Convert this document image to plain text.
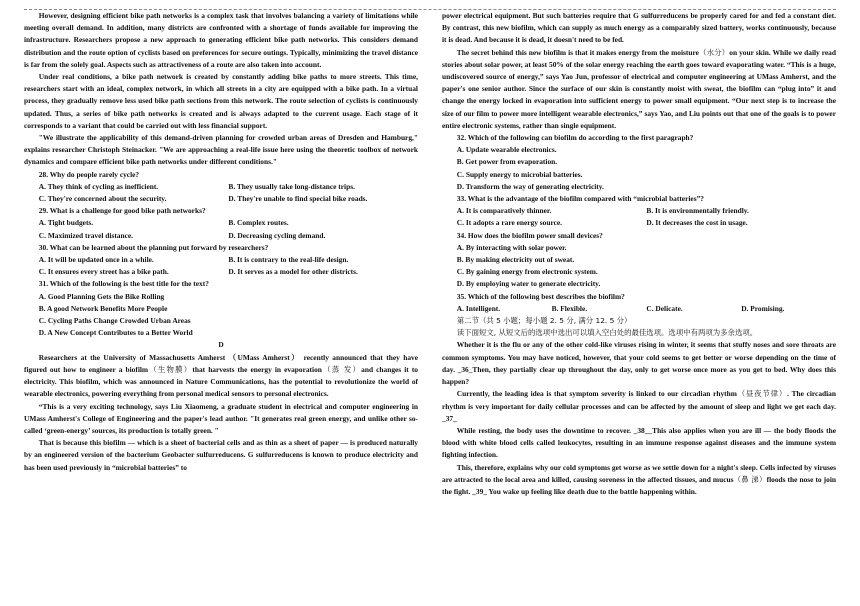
However, designing efficient bike path networks is a complex task that involves balancing a variety of limitations while meeting overall demand. In addition, many districts are confronted with a shortage of funds available for improving the infrastructure. Researchers propose a new approach to generating efficient bike path networks. This considers demand distribution and the route option of cyclists based on preferences for secure outings. Typically, minimizing the travel distance is far from the solely goal. Aspects such as attractiveness of a route are also taken into account.

Under real conditions, a bike path network is created by constantly adding bike paths to more streets. This time, researchers start with an ideal, complex network, in which all streets in a city are equipped with a bike path. In a virtual process, they gradually remove less used bike path sections from this network. The route selection of cyclists is continuously updated. Thus, a series of bike path networks is created and is always adapted to the current usage. Each stage of it corresponds to a variant that could be carried out with less financial support.

"We illustrate the applicability of this demand-driven planning for crowded urban areas of Dresden and Hamburg," explains researcher Christoph Steinacker. "We are approaching a real-life issue here using the theoretic toolbox of network dynamics and compare efficient bike path networks under different conditions."

28. Why do people rarely cycle?

A. They think of cycling as inefficient.	B. They usually take long-distance trips.
C. They're concerned about the security.	D. They're unable to find special bike roads.

29. What is a challenge for good bike path networks?

A. Tight budgets.	B. Complex routes.
C. Maximized travel distance.	D. Decreasing cycling demand.

30. What can be learned about the planning put forward by researchers?

A. It will be updated once in a while.	B. It is contrary to the real-life design.
C. It ensures every street has a bike path.	D. It serves as a model for other districts.

31. Which of the following is the best title for the text?

A. Good Planning Gets the Bike Rolling

B. A good Network Benefits More People

C. Cycling Paths Change Crowded Urban Areas

D. A New Concept Contributes to a Better World

D

Researchers at the University of Massachusetts Amherst （UMass Amherst） recently announced that they have figured out how to engineer a biofilm（生物膜）that harvests the energy in evaporation（蒸 发）and changes it to electricity. This biofilm, which was announced in Nature Communications, has the potential to revolutionize the world of wearable electronics, powering everything from personal medical sensors to personal electronics.

“This is a very exciting technology, says Liu Xiaomeng, a graduate student in electrical and computer engineering in UMass Amherst's College of Engineering and the paper's lead author. "It generates real green energy, and unlike other so-called ‘green-energy’ sources, its production is totally green. "

That is because this biofilm — which is a sheet of bacterial cells and as thin as a sheet of paper — is produced naturally by an engineered version of the bacterium Geobacter sulfurreducens. G sulfurreducens is known to produce electricity and has been used previously in “microbial batteries” to

power electrical equipment. But such batteries require that G sulfurreducens be properly cared for and fed a constant diet. By contrast, this new biofilm, which can supply as much energy as a comparably sized battery, works continuously, because it is dead. And because it is dead, it doesn't need to be fed.

The secret behind this new biofilm is that it makes energy from the moisture（水分）on your skin. While we daily read stories about solar power, at least 50% of the solar energy reaching the earth goes toward evaporating water. “This is a huge, undiscovered source of energy,” says Yao Jun, professor of electrical and computer engineering at UMass Amherst, and the paper's one senior author. Since the surface of our skin is constantly moist with sweat, the biofilm can “plug into” it and change the energy locked in evaporation into sufficient energy to power small equipment. “Our next step is to increase the size of our film to power more intelligent wearable electronics,” says Yao, and Liu points out that one of the goals is to power entire electronic systems, rather than single equipment.

32. Which of the following can biofilm do according to the first paragraph?

A. Update wearable electronics.

B. Get power from evaporation.

C. Supply energy to microbial batteries.

D. Transform the way of generating electricity.

33. What is the advantage of the biofilm compared with “microbial batteries”?

A. It is comparatively thinner.	B. It is environmentally friendly.
C. It adopts a rare energy source.	D. It decreases the cost in usage.

34. How does the biofilm power small devices?

A. By interacting with solar power.

B. By making electricity out of sweat.

C. By gaining energy from electronic system.

D. By employing water to generate electricity.

35. Which of the following best describes the biofilm?

A. Intelligent.	B. Flexible.	C. Delicate.	D. Promising.

第二节（共 5 小题；每小题 2. 5 分, 满分 12. 5 分）

读下面短文, 从短文后的选项中选出可以填入空白处的最佳选项。选项中有两项为多余选项。

Whether it is the flu or any of the other cold-like viruses rising in winter, it seems that stuffy noses and sore throats are common symptoms. You may have noticed, however, that your cold seems to get better or worse depending on the time of day. _36_Then, they partially clear up throughout the day, only to get worse once more as you get to bed. Why does this happen?

Currently, the leading idea is that symptom severity is linked to our circadian rhythm（昼夜节律）. The circadian rhythm is very important for daily cellular processes and can be affected by the amount of sleep and light we get each day. _37_

While resting, the body uses the downtime to recover. _38__This also applies when you are ill — the body floods the blood with white blood cells called leukocytes, resulting in an immune response against diseases and the immune system fighting infection.

This, therefore, explains why our cold symptoms get worse as we settle down for a night's sleep. Cells infected by viruses are attracted to the local area and killed, causing soreness in the affected tissues, and mucus（鼻 涕）floods the nose to join the fight. _39_ You wake up feeling like death due to the battle happening within.
